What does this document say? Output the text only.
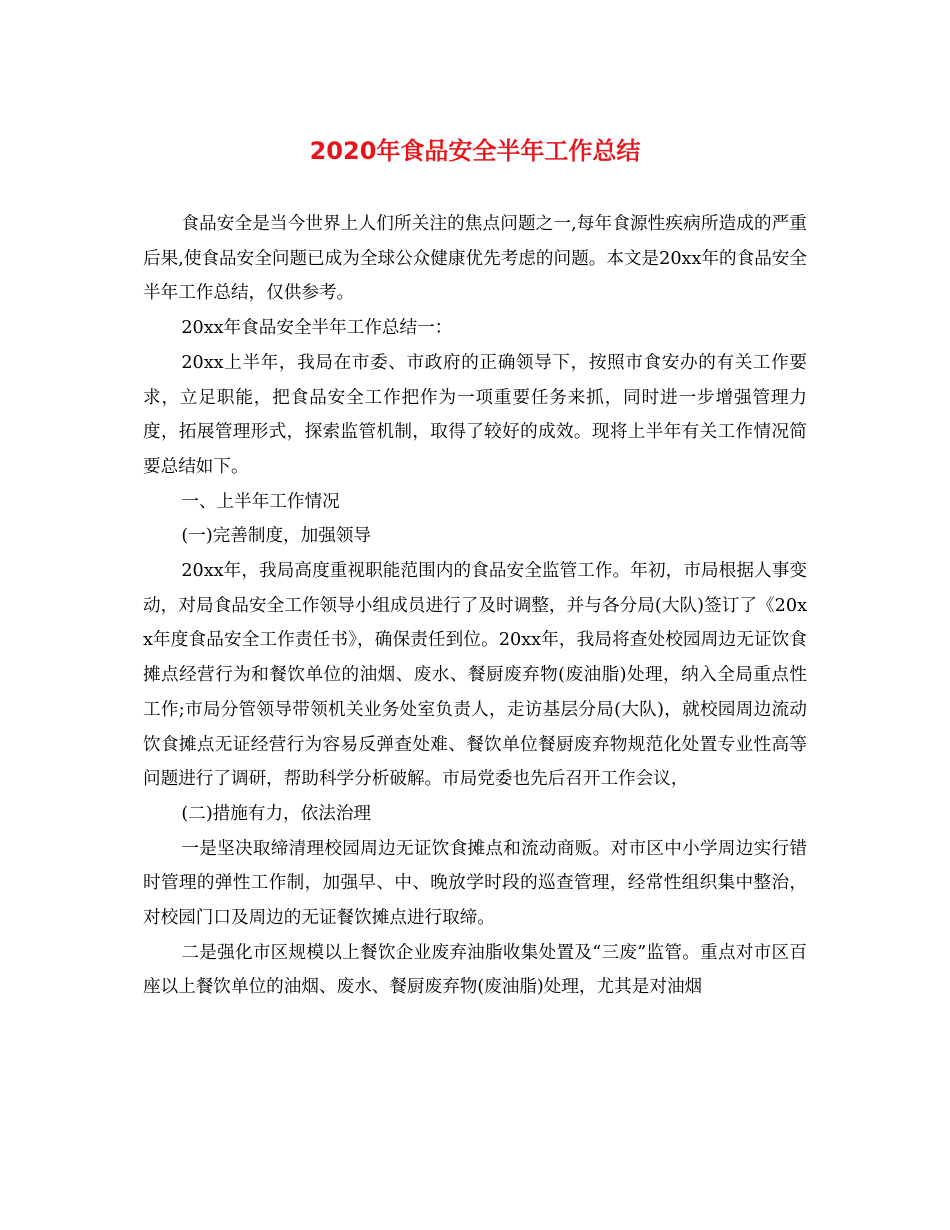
2020年食品安全半年工作总结

食品安全是当今世界上人们所关注的焦点问题之一,每年食源性疾病所造成的严重后果,使食品安全问题已成为全球公众健康优先考虑的问题。本文是20xx年的食品安全半年工作总结，仅供参考。

20xx年食品安全半年工作总结一：

20xx上半年，我局在市委、市政府的正确领导下，按照市食安办的有关工作要求，立足职能，把食品安全工作把作为一项重要任务来抓，同时进一步增强管理力度，拓展管理形式，探索监管机制，取得了较好的成效。现将上半年有关工作情况简要总结如下。

一、上半年工作情况

(一)完善制度，加强领导

20xx年，我局高度重视职能范围内的食品安全监管工作。年初，市局根据人事变动，对局食品安全工作领导小组成员进行了及时调整，并与各分局(大队)签订了《20xx年度食品安全工作责任书》，确保责任到位。20xx年，我局将查处校园周边无证饮食摊点经营行为和餐饮单位的油烟、废水、餐厨废弃物(废油脂)处理，纳入全局重点性工作;市局分管领导带领机关业务处室负责人，走访基层分局(大队)，就校园周边流动饮食摊点无证经营行为容易反弹查处难、餐饮单位餐厨废弃物规范化处置专业性高等问题进行了调研，帮助科学分析破解。市局党委也先后召开工作会议，

(二)措施有力，依法治理

一是坚决取缔清理校园周边无证饮食摊点和流动商贩。对市区中小学周边实行错时管理的弹性工作制，加强早、中、晚放学时段的巡查管理，经常性组织集中整治，对校园门口及周边的无证餐饮摊点进行取缔。

二是强化市区规模以上餐饮企业废弃油脂收集处置及“三废”监管。重点对市区百座以上餐饮单位的油烟、废水、餐厨废弃物(废油脂)处理，尤其是对油烟
